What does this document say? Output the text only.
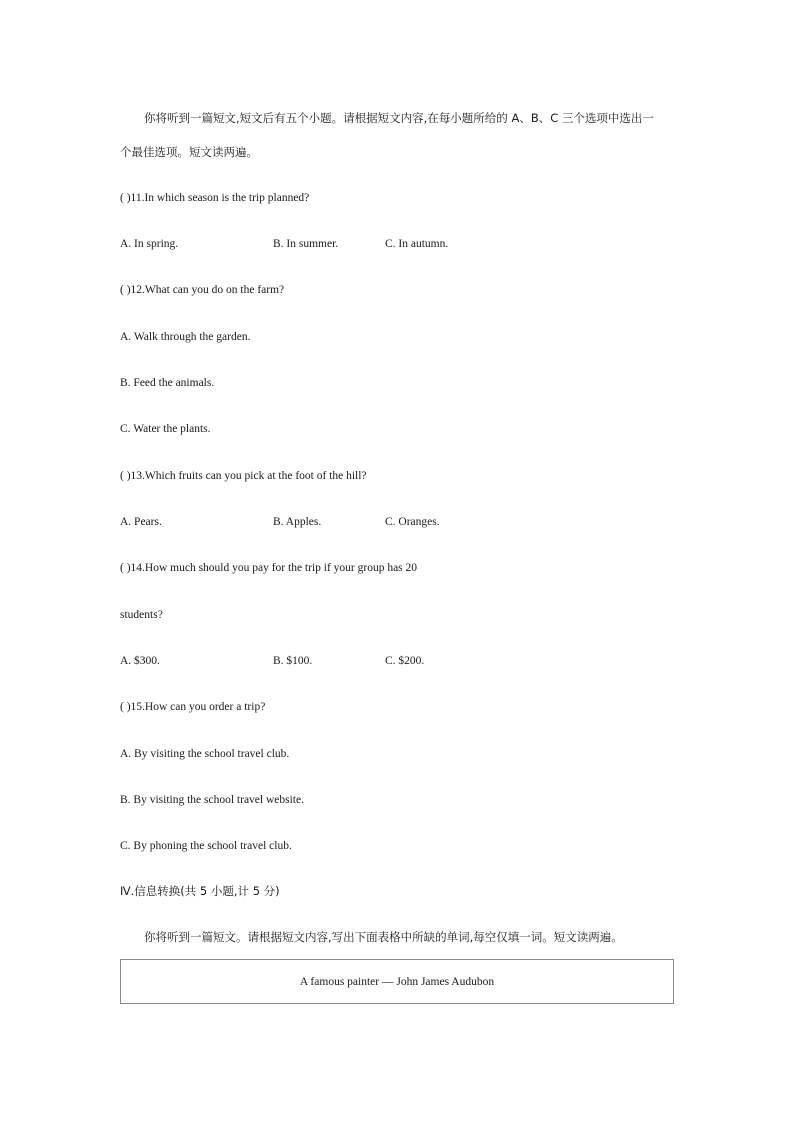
你将听到一篇短文,短文后有五个小题。请根据短文内容,在每小题所给的 A、B、C 三个选项中选出一
个最佳选项。短文读两遍。
( )11.In which season is the trip planned?
A. In spring.	B. In summer.	C. In autumn.
( )12.What can you do on the farm?
A. Walk through the garden.
B. Feed the animals.
C. Water the plants.
( )13.Which fruits can you pick at the foot of the hill?
A. Pears.	B. Apples.	C. Oranges.
( )14.How much should you pay for the trip if your group has 20
students?
A. $300.	B. $100.	C. $200.
( )15.How can you order a trip?
A. By visiting the school travel club.
B. By visiting the school travel website.
C. By phoning the school travel club.
Ⅳ.信息转换(共 5 小题,计 5 分)
你将听到一篇短文。请根据短文内容,写出下面表格中所缺的单词,每空仅填一词。短文读两遍。
A famous painter — John James Audubon
